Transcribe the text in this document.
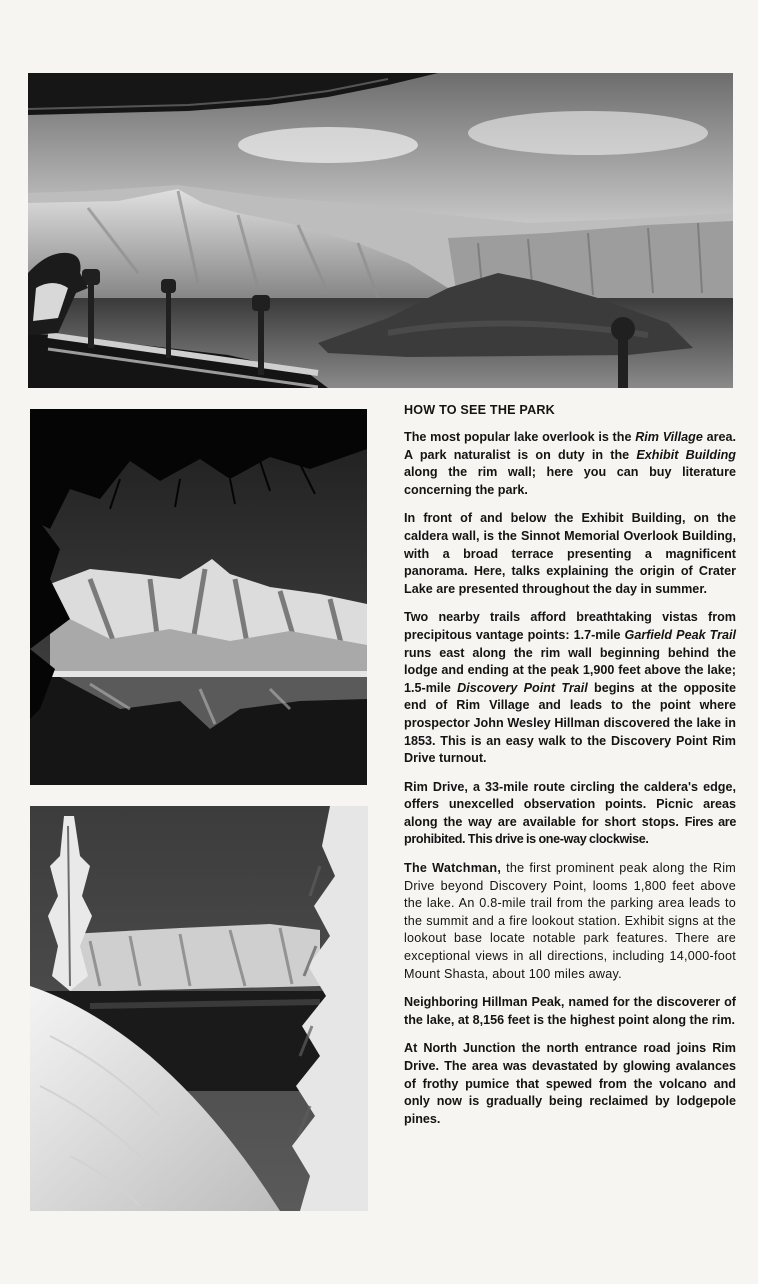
HOW TO SEE THE PARK

The most popular lake overlook is the Rim Village area. A park naturalist is on duty in the Exhibit Building along the rim wall; here you can buy literature concerning the park.

In front of and below the Exhibit Building, on the caldera wall, is the Sinnot Memorial Overlook Building, with a broad terrace presenting a magnificent panorama. Here, talks explaining the origin of Crater Lake are presented throughout the day in summer.

Two nearby trails afford breathtaking vistas from precipitous vantage points: 1.7-mile Garfield Peak Trail runs east along the rim wall beginning behind the lodge and ending at the peak 1,900 feet above the lake; 1.5-mile Discovery Point Trail begins at the opposite end of Rim Village and leads to the point where prospector John Wesley Hillman discovered the lake in 1853. This is an easy walk to the Discovery Point Rim Drive turnout.

Rim Drive, a 33-mile route circling the caldera's edge, offers unexcelled observation points. Picnic areas along the way are available for short stops. Fires are prohibited. This drive is one-way clockwise.

The Watchman, the first prominent peak along the Rim Drive beyond Discovery Point, looms 1,800 feet above the lake. An 0.8-mile trail from the parking area leads to the summit and a fire lookout station. Exhibit signs at the lookout base locate notable park features. There are exceptional views in all directions, including 14,000-foot Mount Shasta, about 100 miles away.

Neighboring Hillman Peak, named for the discoverer of the lake, at 8,156 feet is the highest point along the rim.

At North Junction the north entrance road joins Rim Drive. The area was devastated by glowing avalances of frothy pumice that spewed from the volcano and only now is gradually being reclaimed by lodgepole pines.
